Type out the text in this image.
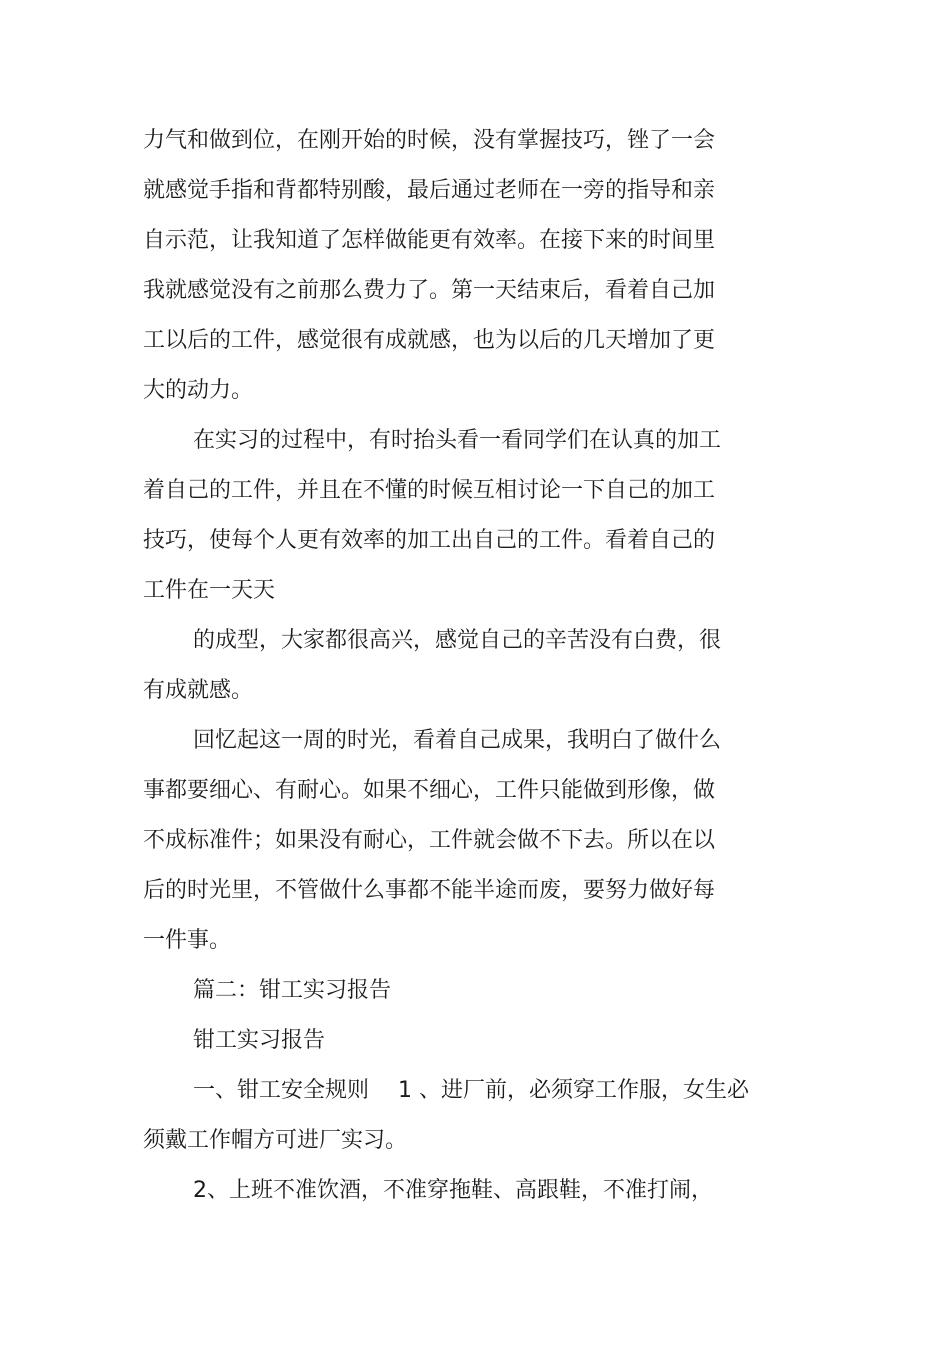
力气和做到位，在刚开始的时候，没有掌握技巧，锉了一会
就感觉手指和背都特别酸，最后通过老师在一旁的指导和亲
自示范，让我知道了怎样做能更有效率。在接下来的时间里
我就感觉没有之前那么费力了。第一天结束后，看着自己加
工以后的工件，感觉很有成就感，也为以后的几天增加了更
大的动力。
在实习的过程中，有时抬头看一看同学们在认真的加工
着自己的工件，并且在不懂的时候互相讨论一下自己的加工
技巧，使每个人更有效率的加工出自己的工件。看着自己的
工件在一天天
的成型，大家都很高兴，感觉自己的辛苦没有白费，很
有成就感。
回忆起这一周的时光，看着自己成果，我明白了做什么
事都要细心、有耐心。如果不细心，工件只能做到形像，做
不成标准件；如果没有耐心，工件就会做不下去。所以在以
后的时光里，不管做什么事都不能半途而废，要努力做好每
一件事。
篇二：钳工实习报告
钳工实习报告
一、钳工安全规则　 1 、进厂前，必须穿工作服，女生必
须戴工作帽方可进厂实习。
2、上班不准饮酒，不准穿拖鞋、高跟鞋，不准打闹，
